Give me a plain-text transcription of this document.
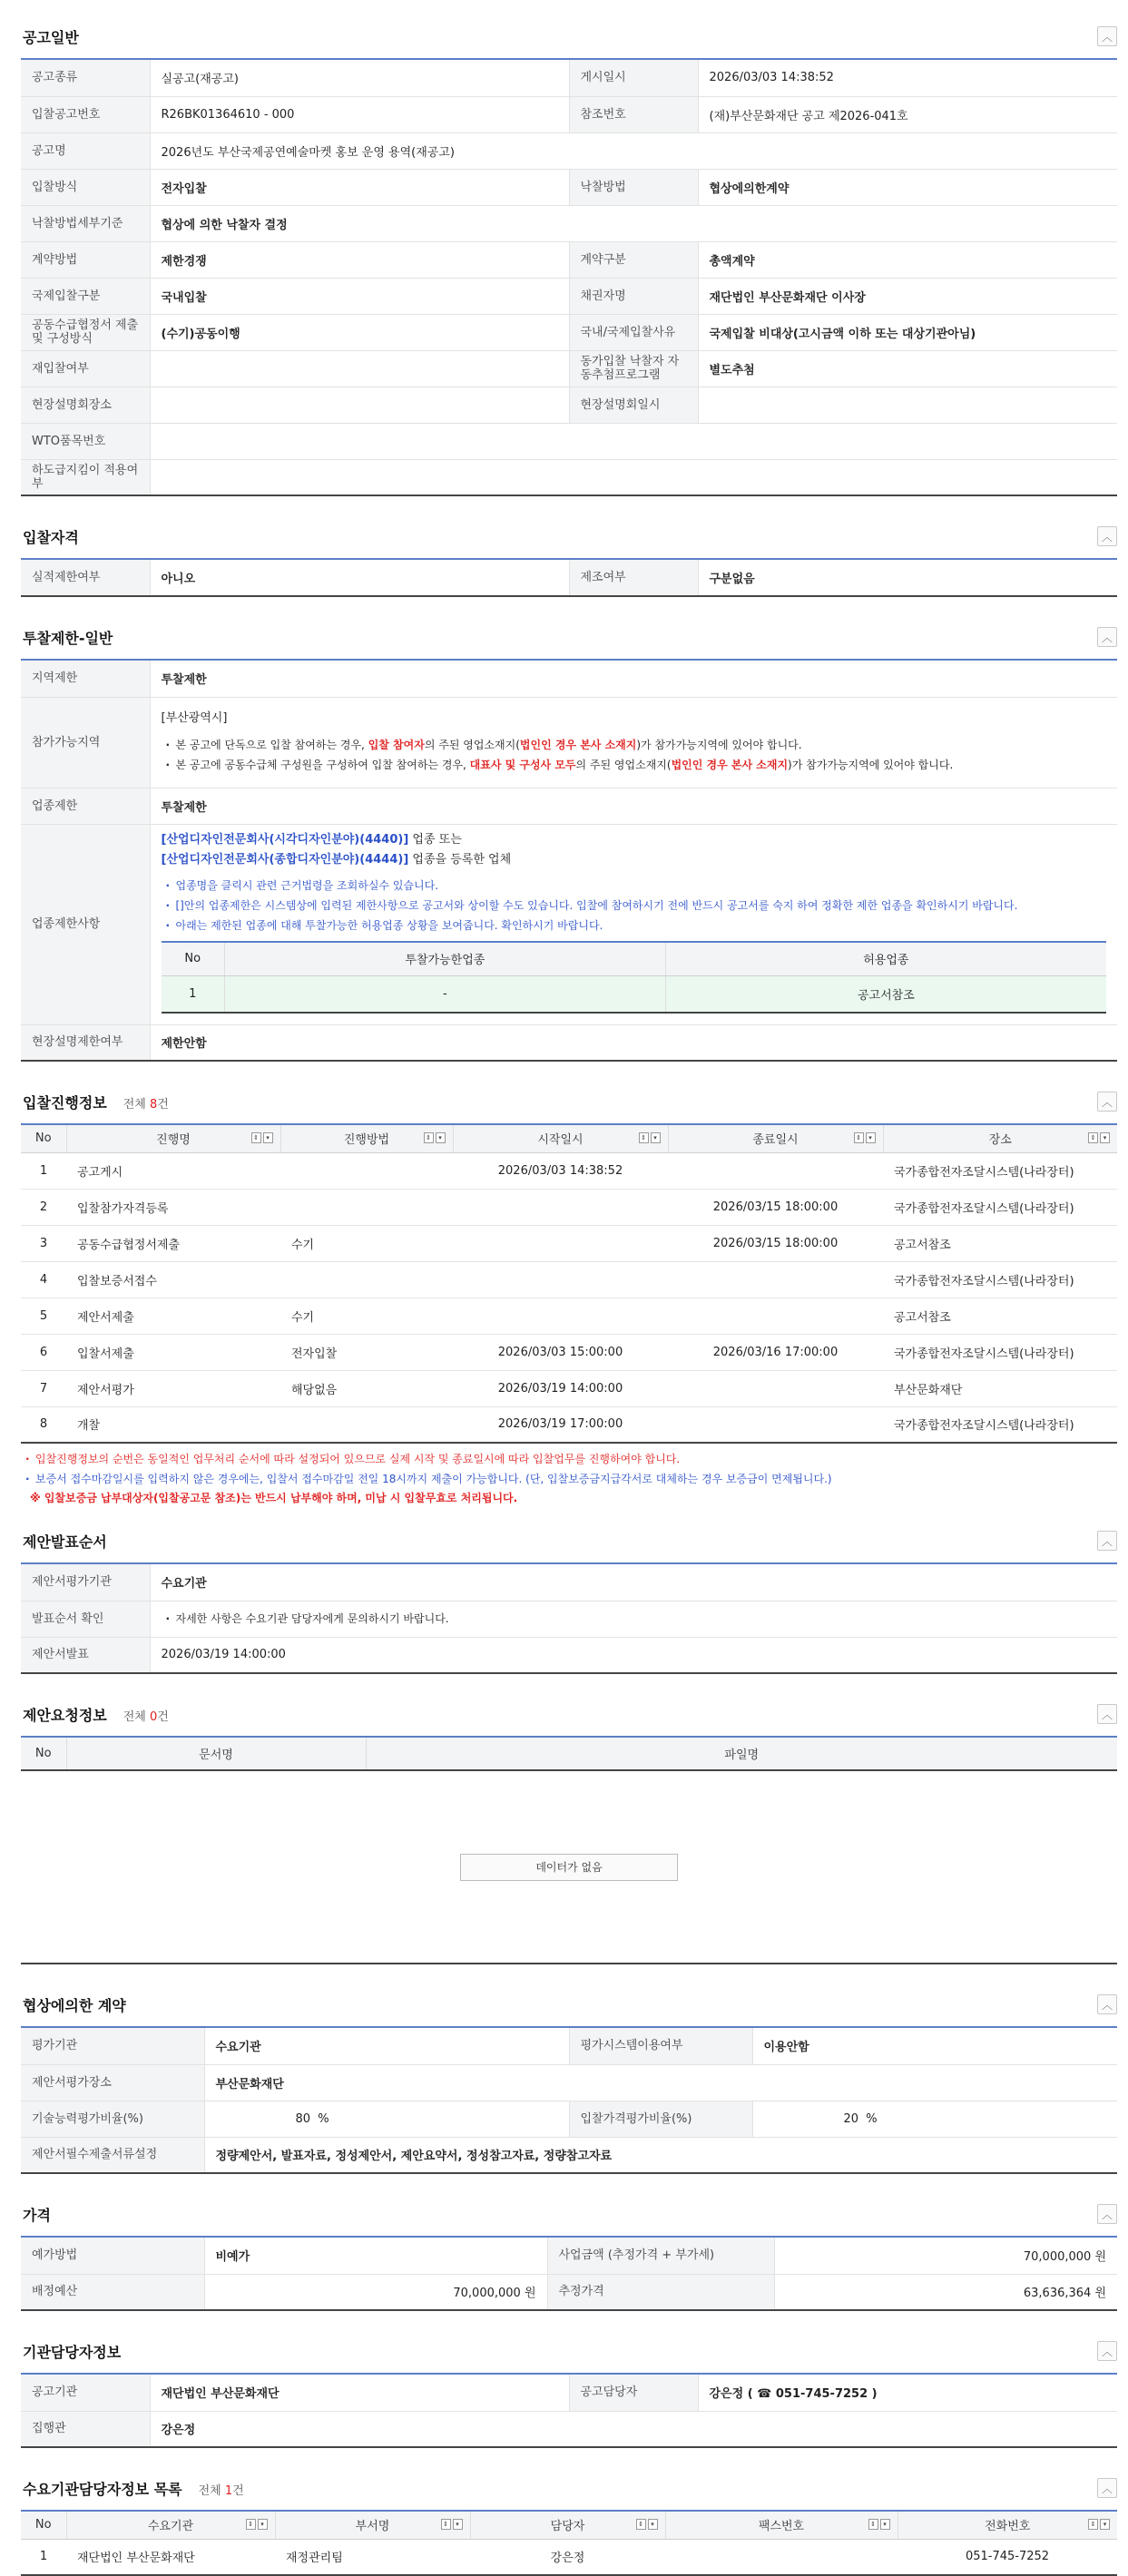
공고일반	︿
공고종류	실공고(재공고)	게시일시	2026/03/03 14:38:52
입찰공고번호	R26BK01364610 - 000	참조번호	(재)부산문화재단 공고 제2026-041호
공고명	2026년도 부산국제공연예술마켓 홍보 운영 용역(재공고)		
입찰방식	전자입찰	낙찰방법	협상에의한계약
낙찰방법세부기준	협상에 의한 낙찰자 결정		
계약방법	제한경쟁	계약구분	총액계약
국제입찰구분	국내입찰	채권자명	재단법인 부산문화재단 이사장
공동수급협정서 제출 및 구성방식	(수기)공동이행	국내/국제입찰사유	국제입찰 비대상(고시금액 이하 또는 대상기관아님)
재입찰여부		동가입찰 낙찰자 자동추첨프로그램	별도추첨
현장설명회장소		현장설명회일시	
WTO품목번호			
하도급지킴이 적용여부			
입찰자격	︿
실적제한여부	아니오	제조여부	구분없음
투찰제한-일반	︿
지역제한	투찰제한
참가가능지역	
[부산광역시]
· 본 공고에 단독으로 입찰 참여하는 경우, 입찰 참여자의 주된 영업소재지(법인인 경우 본사 소재지)가 참가가능지역에 있어야 합니다.
· 본 공고에 공동수급체 구성원을 구성하여 입찰 참여하는 경우, 대표사 및 구성사 모두의 주된 영업소재지(법인인 경우 본사 소재지)가 참가가능지역에 있어야 합니다.

업종제한	투찰제한
업종제한사항	
[산업디자인전문회사(시각디자인분야)(4440)] 업종 또는
[산업디자인전문회사(종합디자인분야)(4444)] 업종을 등록한 업체
· 업종명을 클릭시 관련 근거법령을 조회하실수 있습니다.
· []안의 업종제한은 시스템상에 입력된 제한사항으로 공고서와 상이할 수도 있습니다. 입찰에 참여하시기 전에 반드시 공고서를 숙지 하여 정확한 제한 업종을 확인하시기 바랍니다.
· 아래는 제한된 업종에 대해 투찰가능한 허용업종 상황을 보여줍니다. 확인하시기 바랍니다.
No	투찰가능한업종	허용업종
1	-	공고서참조

현장설명제한여부	제한안함
입찰진행정보 전체 8건	︿
No	진행명 ⇕ ▾	진행방법 ⇕ ▾	시작일시 ⇕ ▾	종료일시 ⇕ ▾	장소 ⇕ ▾

1	공고게시		2026/03/03 14:38:52		국가종합전자조달시스템(나라장터)
2	입찰참가자격등록			2026/03/15 18:00:00	국가종합전자조달시스템(나라장터)
3	공동수급협정서제출	수기		2026/03/15 18:00:00	공고서참조
4	입찰보증서접수				국가종합전자조달시스템(나라장터)
5	제안서제출	수기			공고서참조
6	입찰서제출	전자입찰	2026/03/03 15:00:00	2026/03/16 17:00:00	국가종합전자조달시스템(나라장터)
7	제안서평가	해당없음	2026/03/19 14:00:00		부산문화재단
8	개찰		2026/03/19 17:00:00		국가종합전자조달시스템(나라장터)
· 입찰진행정보의 순번은 동일적인 업무처리 순서에 따라 설정되어 있으므로 실제 시작 및 종료일시에 따라 입찰업무를 진행하여야 합니다.
· 보증서 접수마감일시를 입력하지 않은 경우에는, 입찰서 접수마감일 전일 18시까지 제출이 가능합니다. (단, 입찰보증금지급각서로 대체하는 경우 보증금이 면제됩니다.)
※ 입찰보증금 납부대상자(입찰공고문 참조)는 반드시 납부해야 하며, 미납 시 입찰무효로 처리됩니다.
제안발표순서	︿
제안서평가기관	수요기관
발표순서 확인	· 자세한 사항은 수요기관 담당자에게 문의하시기 바랍니다.

제안서발표	2026/03/19 14:00:00
제안요청정보 전체 0건	︿
No	문서명	파일명
데이터가 없음
협상에의한 계약	︿
평가기관	수요기관	평가시스템이용여부	이용안함
제안서평가장소	부산문화재단		
기술능력평가비율(%)	80  %	입찰가격평가비율(%)	20  %
제안서필수제출서류설정	정량제안서, 발표자료, 정성제안서, 제안요약서, 정성참고자료, 정량참고자료		
가격	︿
예가방법	비예가	사업금액 (추정가격 + 부가세)	70,000,000 원
배정예산	70,000,000 원	추정가격	63,636,364 원
기관담당자정보	︿
공고기관	재단법인 부산문화재단	공고담당자	강은정 ( ☎ 051-745-7252 )
집행관	강은정		
수요기관담당자정보 목록 전체 1건	︿
No	수요기관 ⇕ ▾	부서명 ⇕ ▾	담당자 ⇕ ▾	팩스번호 ⇕ ▾	전화번호 ⇕ ▾

1	재단법인 부산문화재단	재정관리팀	강은정		051-745-7252
